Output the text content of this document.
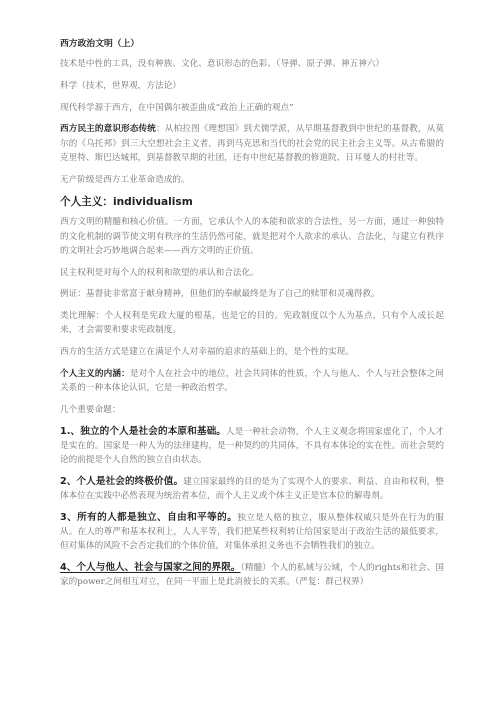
西方政治文明（上）
技术是中性的工具，没有种族、文化、意识形态的色彩。（导弹、原子弹、神五神六）
科学（技术，世界观，方法论）
现代科学源于西方，在中国偶尔被歪曲成“政治上正确的观点”
西方民主的意识形态传统：从柏拉图《理想国》到犬儒学派，从早期基督教到中世纪的基督教，从莫尔的《乌托邦》到三大空想社会主义者，再到马克思和当代的社会党的民主社会主义等。从古希腊的克里特、斯巴达城邦，到基督教早期的社团，还有中世纪基督教的修道院、日耳曼人的村社等。
无产阶级是西方工业革命造成的。
个人主义：individualism
西方文明的精髓和核心价值。一方面，它承认个人的本能和欲求的合法性，另一方面，通过一种独特的文化机制的调节使文明有秩序的生活仍然可能，就是把对个人欲求的承认、合法化，与建立有秩序的文明社会巧妙地调合起来——西方文明的正价值。
民主权利是对每个人的权利和欲望的承认和合法化。
例证：基督徒非常富于献身精神，但他们的奉献最终是为了自己的赎罪和灵魂得救。
类比理解：个人权利是宪政大厦的根基，也是它的目的。宪政制度以个人为基点，只有个人成长起来，才会需要和要求宪政制度。
西方的生活方式是建立在满足个人对幸福的追求的基础上的，是个性的实现。
个人主义的内涵：是对个人在社会中的地位，社会共同体的性质，个人与他人、个人与社会整体之间关系的一种本体论认识，它是一种政治哲学。
几个重要命题：
1.、独立的个人是社会的本原和基础。人是一种社会动物，个人主义观念将国家虚化了，个人才是实在的。国家是一种人为的法律建构，是一种契约的共同体，不具有本体论的实在性。而社会契约论的前提是个人自然的独立自由状态。
2、个人是社会的终极价值。建立国家最终的目的是为了实现个人的要求、利益、自由和权利，整体本位在实践中必然表现为统治者本位，而个人主义或个体主义正是官本位的解毒剂。
3、所有的人都是独立、自由和平等的。独立是人格的独立，服从整体权威只是外在行为的服从。在人的尊严和基本权利上，人人平等，我们把某些权利转让给国家是出于政治生活的最低要求，但对集体的风险不会否定我们的个体价值，对集体承担义务也不会牺牲我们的独立。
4、个人与他人、社会与国家之间的界限。（精髓）个人的私域与公域，个人的rights和社会、国家的power之间相互对立，在同一平面上是此消彼长的关系。（严复：群己权界）
